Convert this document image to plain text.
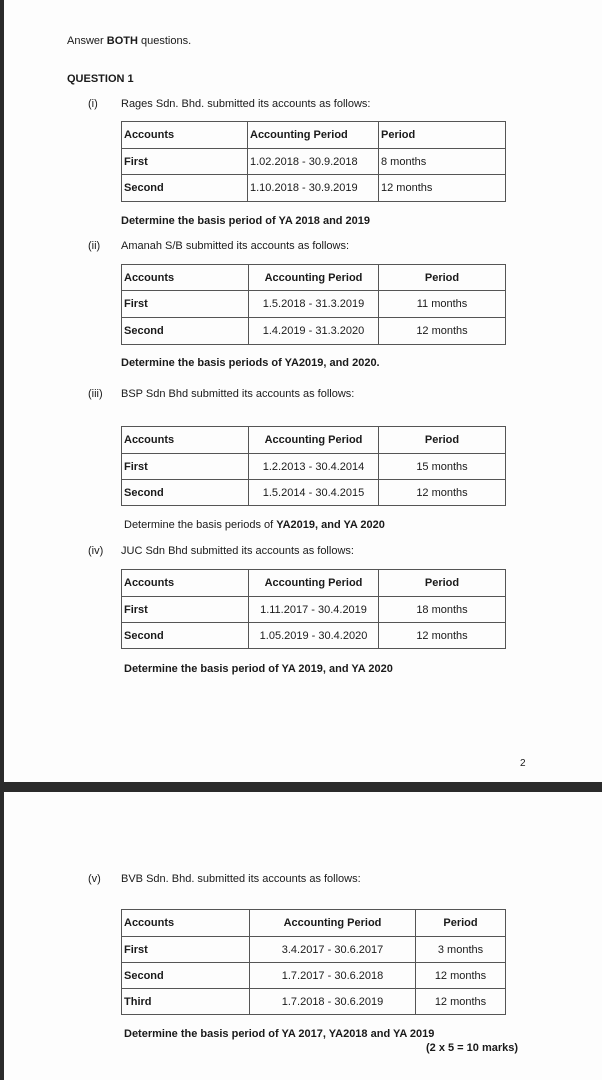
Answer BOTH questions.
QUESTION 1
(i) Rages Sdn. Bhd. submitted its accounts as follows:
Accounts	Accounting Period	Period
First	1.02.2018 - 30.9.2018	8 months
Second	1.10.2018 - 30.9.2019	12 months
Determine the basis period of YA 2018 and 2019
(ii) Amanah S/B submitted its accounts as follows:
Accounts	Accounting Period	Period
First	1.5.2018 - 31.3.2019	11 months
Second	1.4.2019 - 31.3.2020	12 months
Determine the basis periods of YA2019, and 2020.
(iii) BSP Sdn Bhd submitted its accounts as follows:
Accounts	Accounting Period	Period
First	1.2.2013 - 30.4.2014	15 months
Second	1.5.2014 - 30.4.2015	12 months
Determine the basis periods of YA2019, and YA 2020
(iv) JUC Sdn Bhd submitted its accounts as follows:
Accounts	Accounting Period	Period
First	1.11.2017 - 30.4.2019	18 months
Second	1.05.2019 - 30.4.2020	12 months
Determine the basis period of YA 2019, and YA 2020
2
(v) BVB Sdn. Bhd. submitted its accounts as follows:
Accounts	Accounting Period	Period
First	3.4.2017 - 30.6.2017	3 months
Second	1.7.2017 - 30.6.2018	12 months
Third	1.7.2018 - 30.6.2019	12 months
Determine the basis period of YA 2017, YA2018 and YA 2019
(2 x 5 = 10 marks)
